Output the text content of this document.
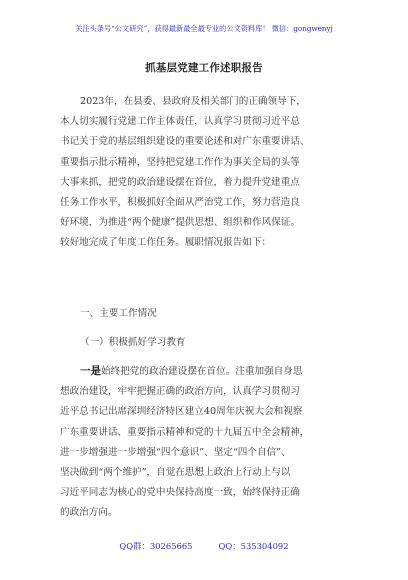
关注头条号“公文研究”，获得最新最全最专业的公文资料库！ 微信：gongwenyj
抓基层党建工作述职报告
2023年，在县委、县政府及相关部门的正确领导下，
本人切实履行党建工作主体责任，认真学习贯彻习近平总
书记关于党的基层组织建设的重要论述和对广东重要讲话、
重要指示批示精神，坚持把党建工作作为事关全局的头等
大事来抓，把党的政治建设摆在首位，着力提升党建重点
任务工作水平，积极抓好全面从严治党工作，努力营造良
好环境，为推进“两个健康”提供思想、组织和作风保证。
较好地完成了年度工作任务。履职情况报告如下：
一、主要工作情况
（一）积极抓好学习教育
一是始终把党的政治建设摆在首位。注重加强自身思
想政治建设，牢牢把握正确的政治方向，认真学习贯彻习
近平总书记出席深圳经济特区建立40周年庆祝大会和视察
广东重要讲话、重要指示精神和党的十九届五中全会精神，
进一步增强进一步增强“四个意识”、坚定“四个自信”、
坚决做到“两个维护”，自觉在思想上政治上行动上与以
习近平同志为核心的党中央保持高度一致，始终保持正确
的政治方向。
QQ群：30265665	QQ：535304092
